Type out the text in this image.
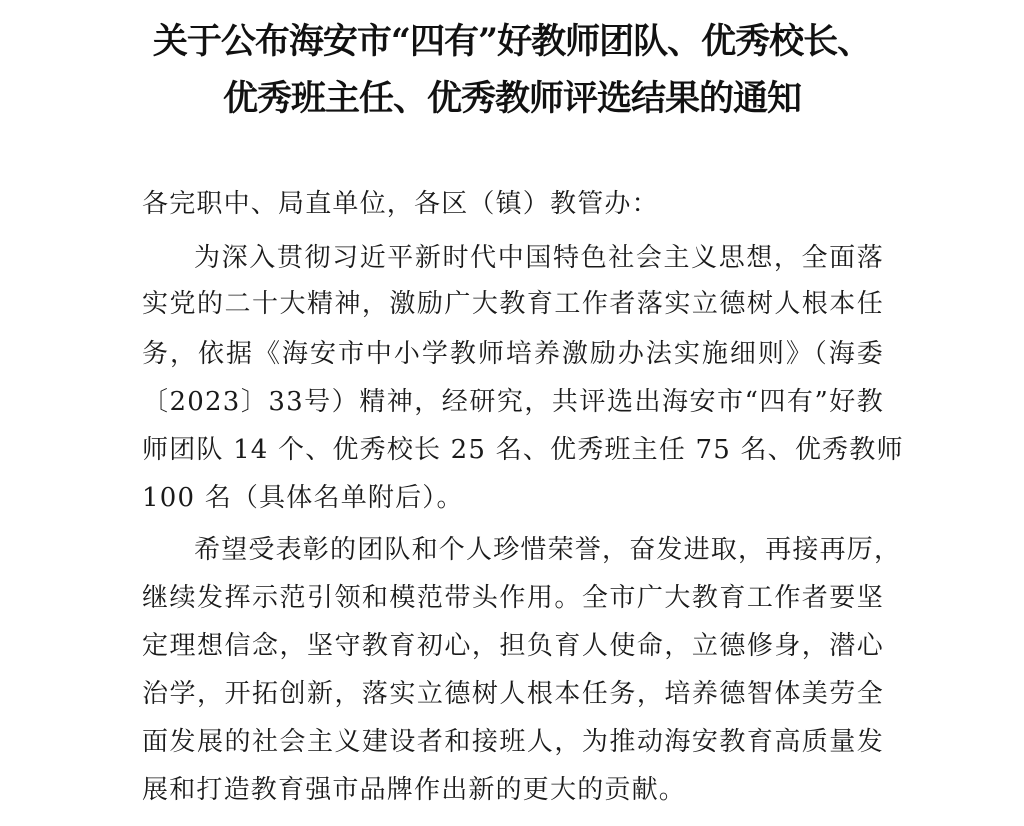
关于公布海安市“四有”好教师团队、优秀校长、
优秀班主任、优秀教师评选结果的通知
各完职中、局直单位，各区（镇）教管办：
为深入贯彻习近平新时代中国特色社会主义思想，全面落
实党的二十大精神，激励广大教育工作者落实立德树人根本任
务，依据《海安市中小学教师培养激励办法实施细则》（海委
〔2023〕33号）精神，经研究，共评选出海安市“四有”好教
师团队 14 个、优秀校长 25 名、优秀班主任 75 名、优秀教师
100 名（具体名单附后）。
希望受表彰的团队和个人珍惜荣誉，奋发进取，再接再厉，
继续发挥示范引领和模范带头作用。全市广大教育工作者要坚
定理想信念，坚守教育初心，担负育人使命，立德修身，潜心
治学，开拓创新，落实立德树人根本任务，培养德智体美劳全
面发展的社会主义建设者和接班人，为推动海安教育高质量发
展和打造教育强市品牌作出新的更大的贡献。
